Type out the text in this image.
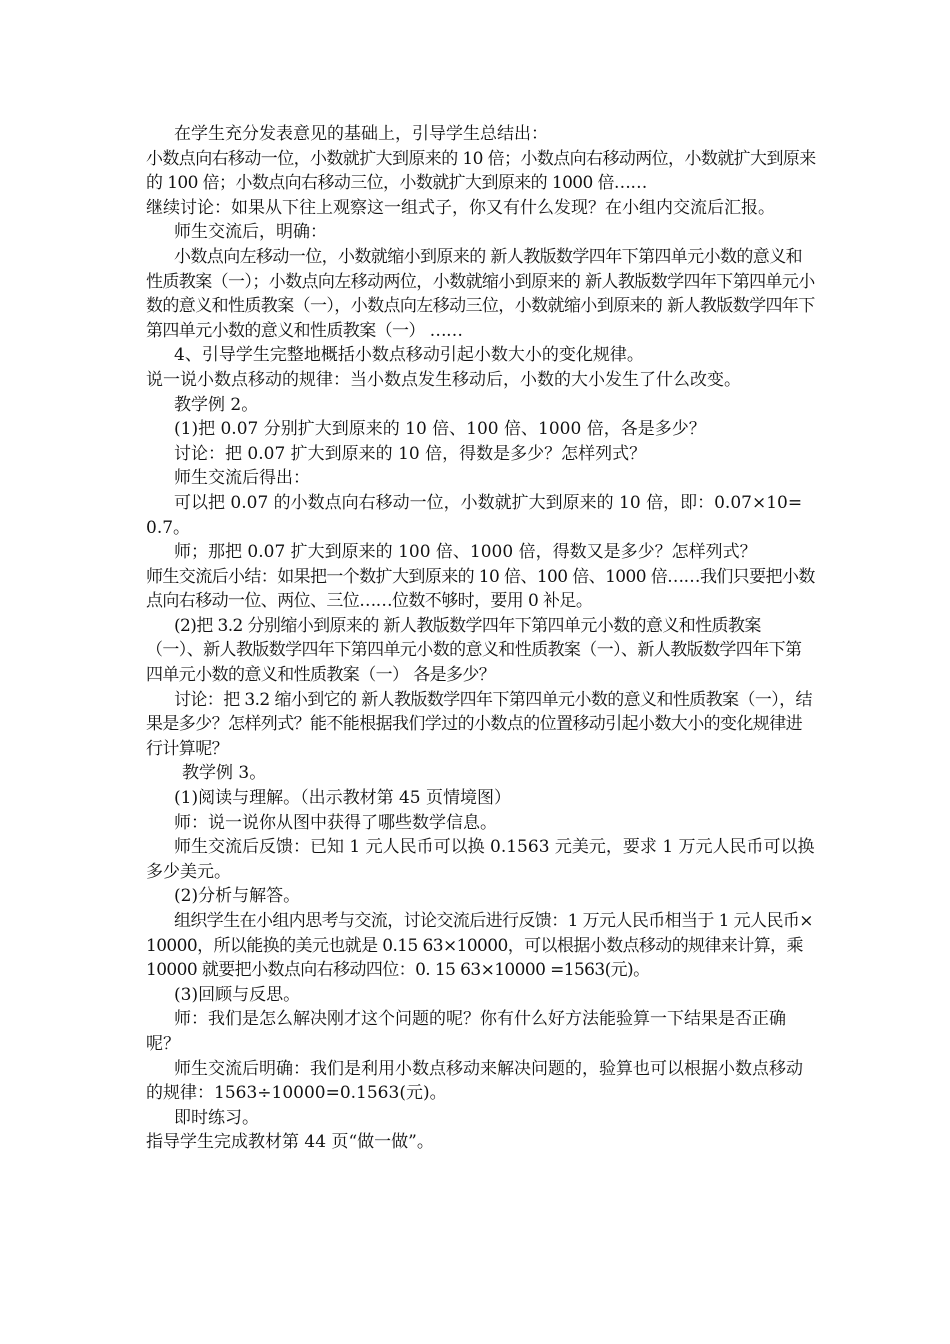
在学生充分发表意见的基础上，引导学生总结出：

小数点向右移动一位，小数就扩大到原来的 10 倍；小数点向右移动两位，小数就扩大到原来的 100 倍；小数点向右移动三位，小数就扩大到原来的 1000 倍……

继续讨论：如果从下往上观察这一组式子，你又有什么发现？在小组内交流后汇报。

师生交流后，明确：

小数点向左移动一位，小数就缩小到原来的 新人教版数学四年下第四单元小数的意义和性质教案（一）；小数点向左移动两位，小数就缩小到原来的 新人教版数学四年下第四单元小数的意义和性质教案（一），小数点向左移动三位，小数就缩小到原来的 新人教版数学四年下第四单元小数的意义和性质教案（一） ……

4、引导学生完整地概括小数点移动引起小数大小的变化规律。

说一说小数点移动的规律：当小数点发生移动后，小数的大小发生了什么改变。

教学例 2。

(1)把 0.07 分别扩大到原来的 10 倍、100 倍、1000 倍，各是多少？

讨论：把 0.07 扩大到原来的 10 倍，得数是多少？怎样列式？

师生交流后得出：

可以把 0.07 的小数点向右移动一位，小数就扩大到原来的 10 倍，即：0.07×10=0.7。

师；那把 0.07 扩大到原来的 100 倍、1000 倍，得数又是多少？怎样列式？

师生交流后小结：如果把一个数扩大到原来的 10 倍、100 倍、1000 倍……我们只要把小数点向右移动一位、两位、三位……位数不够时，要用 0 补足。

(2)把 3.2 分别缩小到原来的 新人教版数学四年下第四单元小数的意义和性质教案（一）、新人教版数学四年下第四单元小数的意义和性质教案（一）、新人教版数学四年下第四单元小数的意义和性质教案（一） 各是多少？

讨论：把 3.2 缩小到它的 新人教版数学四年下第四单元小数的意义和性质教案（一），结果是多少？怎样列式？能不能根据我们学过的小数点的位置移动引起小数大小的变化规律进行计算呢？

教学例 3。

(1)阅读与理解。（出示教材第 45 页情境图）

师：说一说你从图中获得了哪些数学信息。

师生交流后反馈：已知 1 元人民币可以换 0.1563 元美元，要求 1 万元人民币可以换多少美元。

(2)分析与解答。

组织学生在小组内思考与交流，讨论交流后进行反馈：1 万元人民币相当于 1 元人民币×10000，所以能换的美元也就是 0.15 63×10000，可以根据小数点移动的规律来计算，乘 10000 就要把小数点向右移动四位：0. 15 63×10000 =1563(元)。

(3)回顾与反思。

师：我们是怎么解决刚才这个问题的呢？你有什么好方法能验算一下结果是否正确呢？

师生交流后明确：我们是利用小数点移动来解决问题的，验算也可以根据小数点移动的规律：1563÷10000=0.1563(元)。

即时练习。

指导学生完成教材第 44 页“做一做”。
